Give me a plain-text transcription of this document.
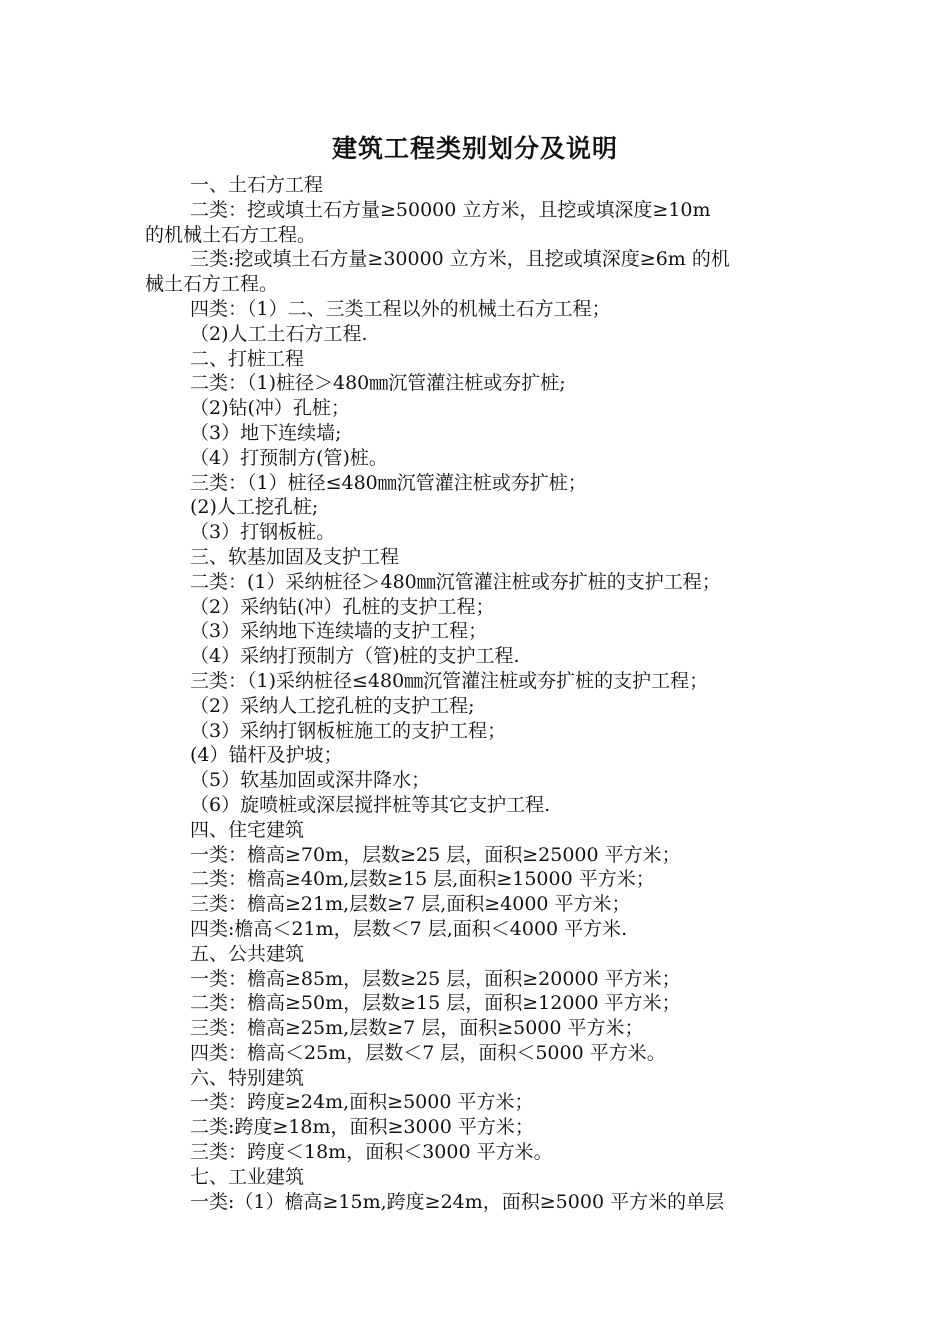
建筑工程类别划分及说明
一、土石方工程
二类：挖或填土石方量≥50000 立方米，且挖或填深度≥10m
的机械土石方工程。
三类:挖或填土石方量≥30000 立方米，且挖或填深度≥6m 的机
械土石方工程。
四类：（1）二、三类工程以外的机械土石方工程；
（2)人工土石方工程.
二、打桩工程
二类：（1)桩径＞480㎜沉管灌注桩或夯扩桩;
（2)钻(冲）孔桩；
（3）地下连续墙;
（4）打预制方(管)桩。
三类：（1）桩径≤480㎜沉管灌注桩或夯扩桩；
(2)人工挖孔桩;
（3）打钢板桩。
三、软基加固及支护工程
二类：(1）采纳桩径＞480㎜沉管灌注桩或夯扩桩的支护工程；
（2）采纳钻(冲）孔桩的支护工程；
（3）采纳地下连续墙的支护工程；
（4）采纳打预制方（管)桩的支护工程.
三类：（1)采纳桩径≤480㎜沉管灌注桩或夯扩桩的支护工程；
（2）采纳人工挖孔桩的支护工程;
（3）采纳打钢板桩施工的支护工程；
(4）锚杆及护坡；
（5）软基加固或深井降水；
（6）旋喷桩或深层搅拌桩等其它支护工程.
四、住宅建筑
一类：檐高≥70m，层数≥25 层，面积≥25000 平方米；
二类：檐高≥40m,层数≥15 层,面积≥15000 平方米；
三类：檐高≥21m,层数≥7 层,面积≥4000 平方米；
四类:檐高＜21m，层数＜7 层,面积＜4000 平方米.
五、公共建筑
一类：檐高≥85m，层数≥25 层，面积≥20000 平方米；
二类：檐高≥50m，层数≥15 层，面积≥12000 平方米；
三类：檐高≥25m,层数≥7 层，面积≥5000 平方米；
四类：檐高＜25m，层数＜7 层，面积＜5000 平方米。
六、特别建筑
一类：跨度≥24m,面积≥5000 平方米；
二类:跨度≥18m，面积≥3000 平方米；
三类：跨度＜18m，面积＜3000 平方米。
七、工业建筑
一类:（1）檐高≥15m,跨度≥24m，面积≥5000 平方米的单层
